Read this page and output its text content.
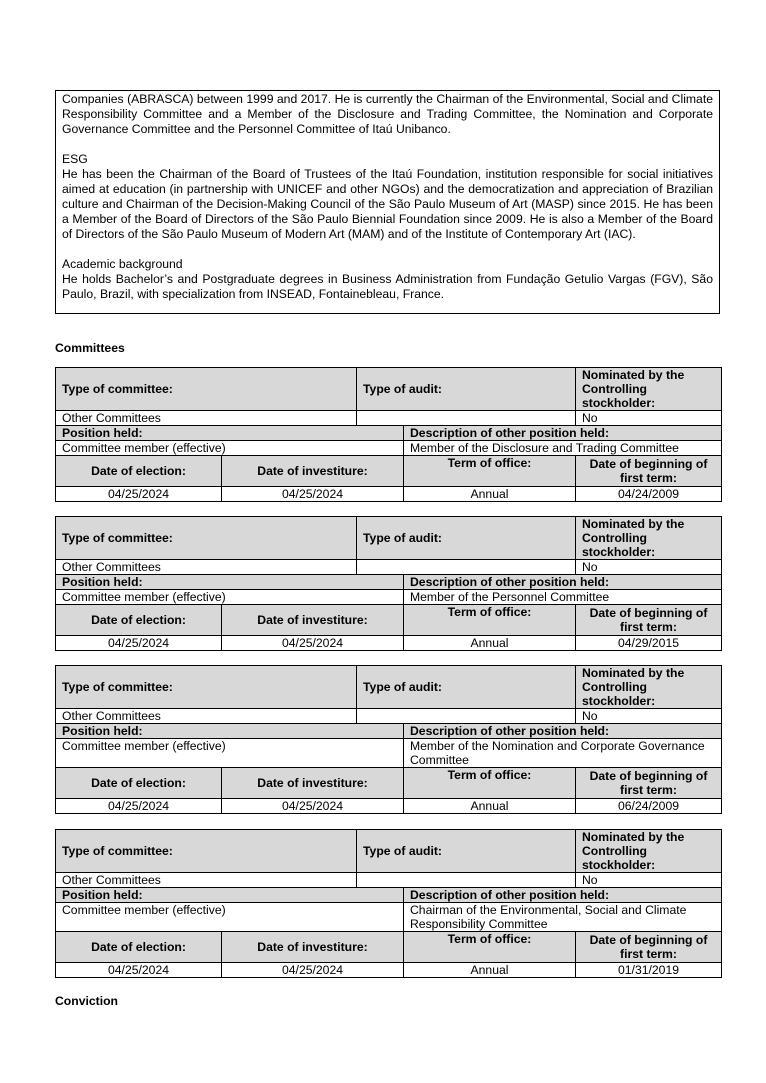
Companies (ABRASCA) between 1999 and 2017. He is currently the Chairman of the Environmental, Social and Climate Responsibility Committee and a Member of the Disclosure and Trading Committee, the Nomination and Corporate Governance Committee and the Personnel Committee of Itaú Unibanco.

ESG

He has been the Chairman of the Board of Trustees of the Itaú Foundation, institution responsible for social initiatives aimed at education (in partnership with UNICEF and other NGOs) and the democratization and appreciation of Brazilian culture and Chairman of the Decision-Making Council of the São Paulo Museum of Art (MASP) since 2015. He has been a Member of the Board of Directors of the São Paulo Biennial Foundation since 2009. He is also a Member of the Board of Directors of the São Paulo Museum of Modern Art (MAM) and of the Institute of Contemporary Art (IAC).

Academic background

He holds Bachelor’s and Postgraduate degrees in Business Administration from Fundação Getulio Vargas (FGV), São Paulo, Brazil, with specialization from INSEAD, Fontainebleau, France.

Committees
Type of committee:		Type of audit:		Nominated by the Controlling stockholder:
Other Committees				No
Position held:			Description of other position held:	
Committee member (effective)			Member of the Disclosure and Trading Committee	
Date of election:	Date of investiture:		Term of office:	Date of beginning of first term:
04/25/2024	04/25/2024		Annual	04/24/2009
Type of committee:		Type of audit:		Nominated by the Controlling stockholder:
Other Committees				No
Position held:			Description of other position held:	
Committee member (effective)			Member of the Personnel Committee	
Date of election:	Date of investiture:		Term of office:	Date of beginning of first term:
04/25/2024	04/25/2024		Annual	04/29/2015
Type of committee:		Type of audit:		Nominated by the Controlling stockholder:
Other Committees				No
Position held:			Description of other position held:	
Committee member (effective)			Member of the Nomination and Corporate Governance Committee	
Date of election:	Date of investiture:		Term of office:	Date of beginning of first term:
04/25/2024	04/25/2024		Annual	06/24/2009
Type of committee:		Type of audit:		Nominated by the Controlling stockholder:
Other Committees				No
Position held:			Description of other position held:	
Committee member (effective)			Chairman of the Environmental, Social and Climate Responsibility Committee	
Date of election:	Date of investiture:		Term of office:	Date of beginning of first term:
04/25/2024	04/25/2024		Annual	01/31/2019
Conviction
